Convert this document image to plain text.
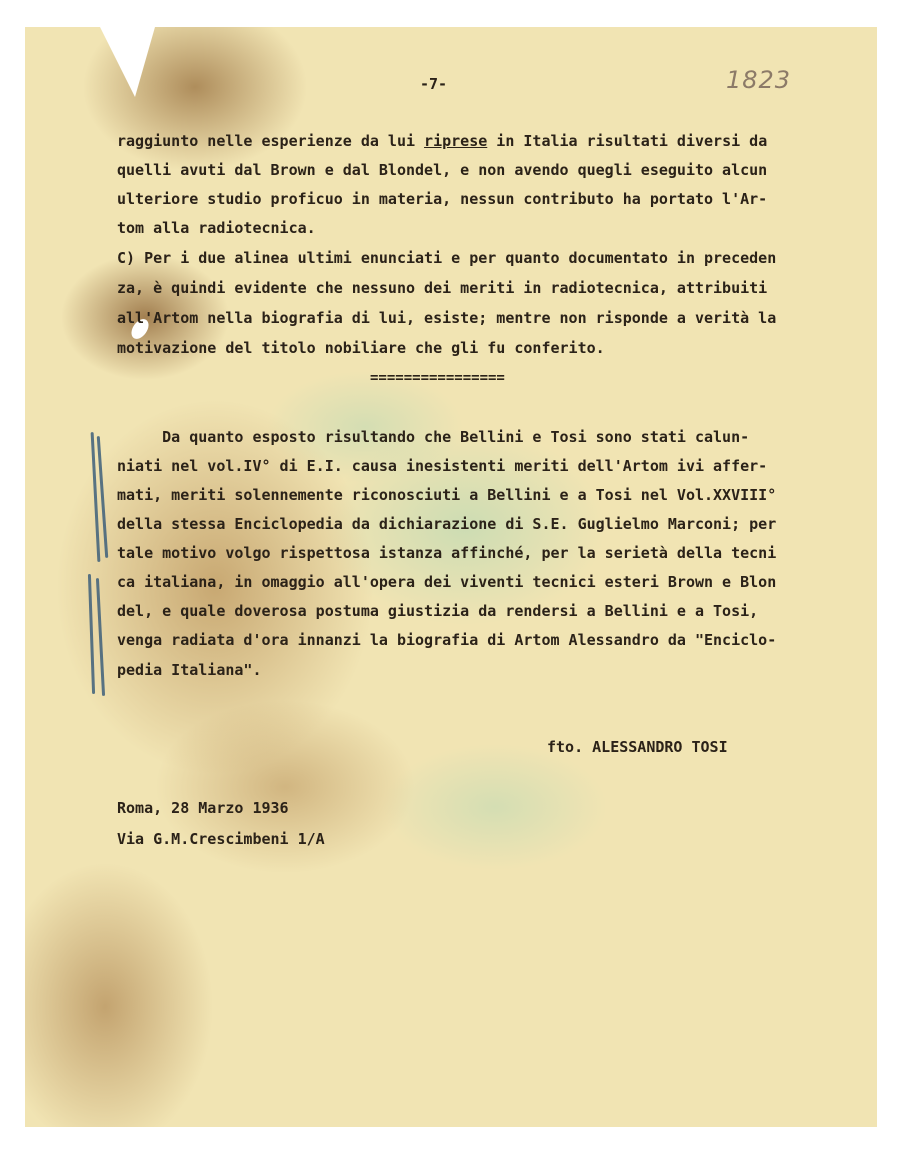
-7-	1823
raggiunto nelle esperienze da lui riprese in Italia risultati diversi da
quelli avuti dal Brown e dal Blondel, e non avendo quegli eseguito alcun
ulteriore studio proficuo in materia, nessun contributo ha portato l'Ar-
tom alla radiotecnica.
C) Per i due alinea ultimi enunciati e per quanto documentato in preceden
za, è quindi evidente che nessuno dei meriti in radiotecnica, attribuiti
all'Artom nella biografia di lui, esiste; mentre non risponde a verità la
motivazione del titolo nobiliare che gli fu conferito.
================
Da quanto esposto risultando che Bellini e Tosi sono stati calun-
niati nel vol.IV° di E.I. causa inesistenti meriti dell'Artom ivi affer-
mati, meriti solennemente riconosciuti a Bellini e a Tosi nel Vol.XXVIII°
della stessa Enciclopedia da dichiarazione di S.E. Guglielmo Marconi; per
tale motivo volgo rispettosa istanza affinché, per la serietà della tecni
ca italiana, in omaggio all'opera dei viventi tecnici esteri Brown e Blon
del, e quale doverosa postuma giustizia da rendersi a Bellini e a Tosi,
venga radiata d'ora innanzi la biografia di Artom Alessandro da "Enciclo-
pedia Italiana".
fto. ALESSANDRO TOSI
Roma, 28 Marzo 1936
Via G.M.Crescimbeni 1/A
